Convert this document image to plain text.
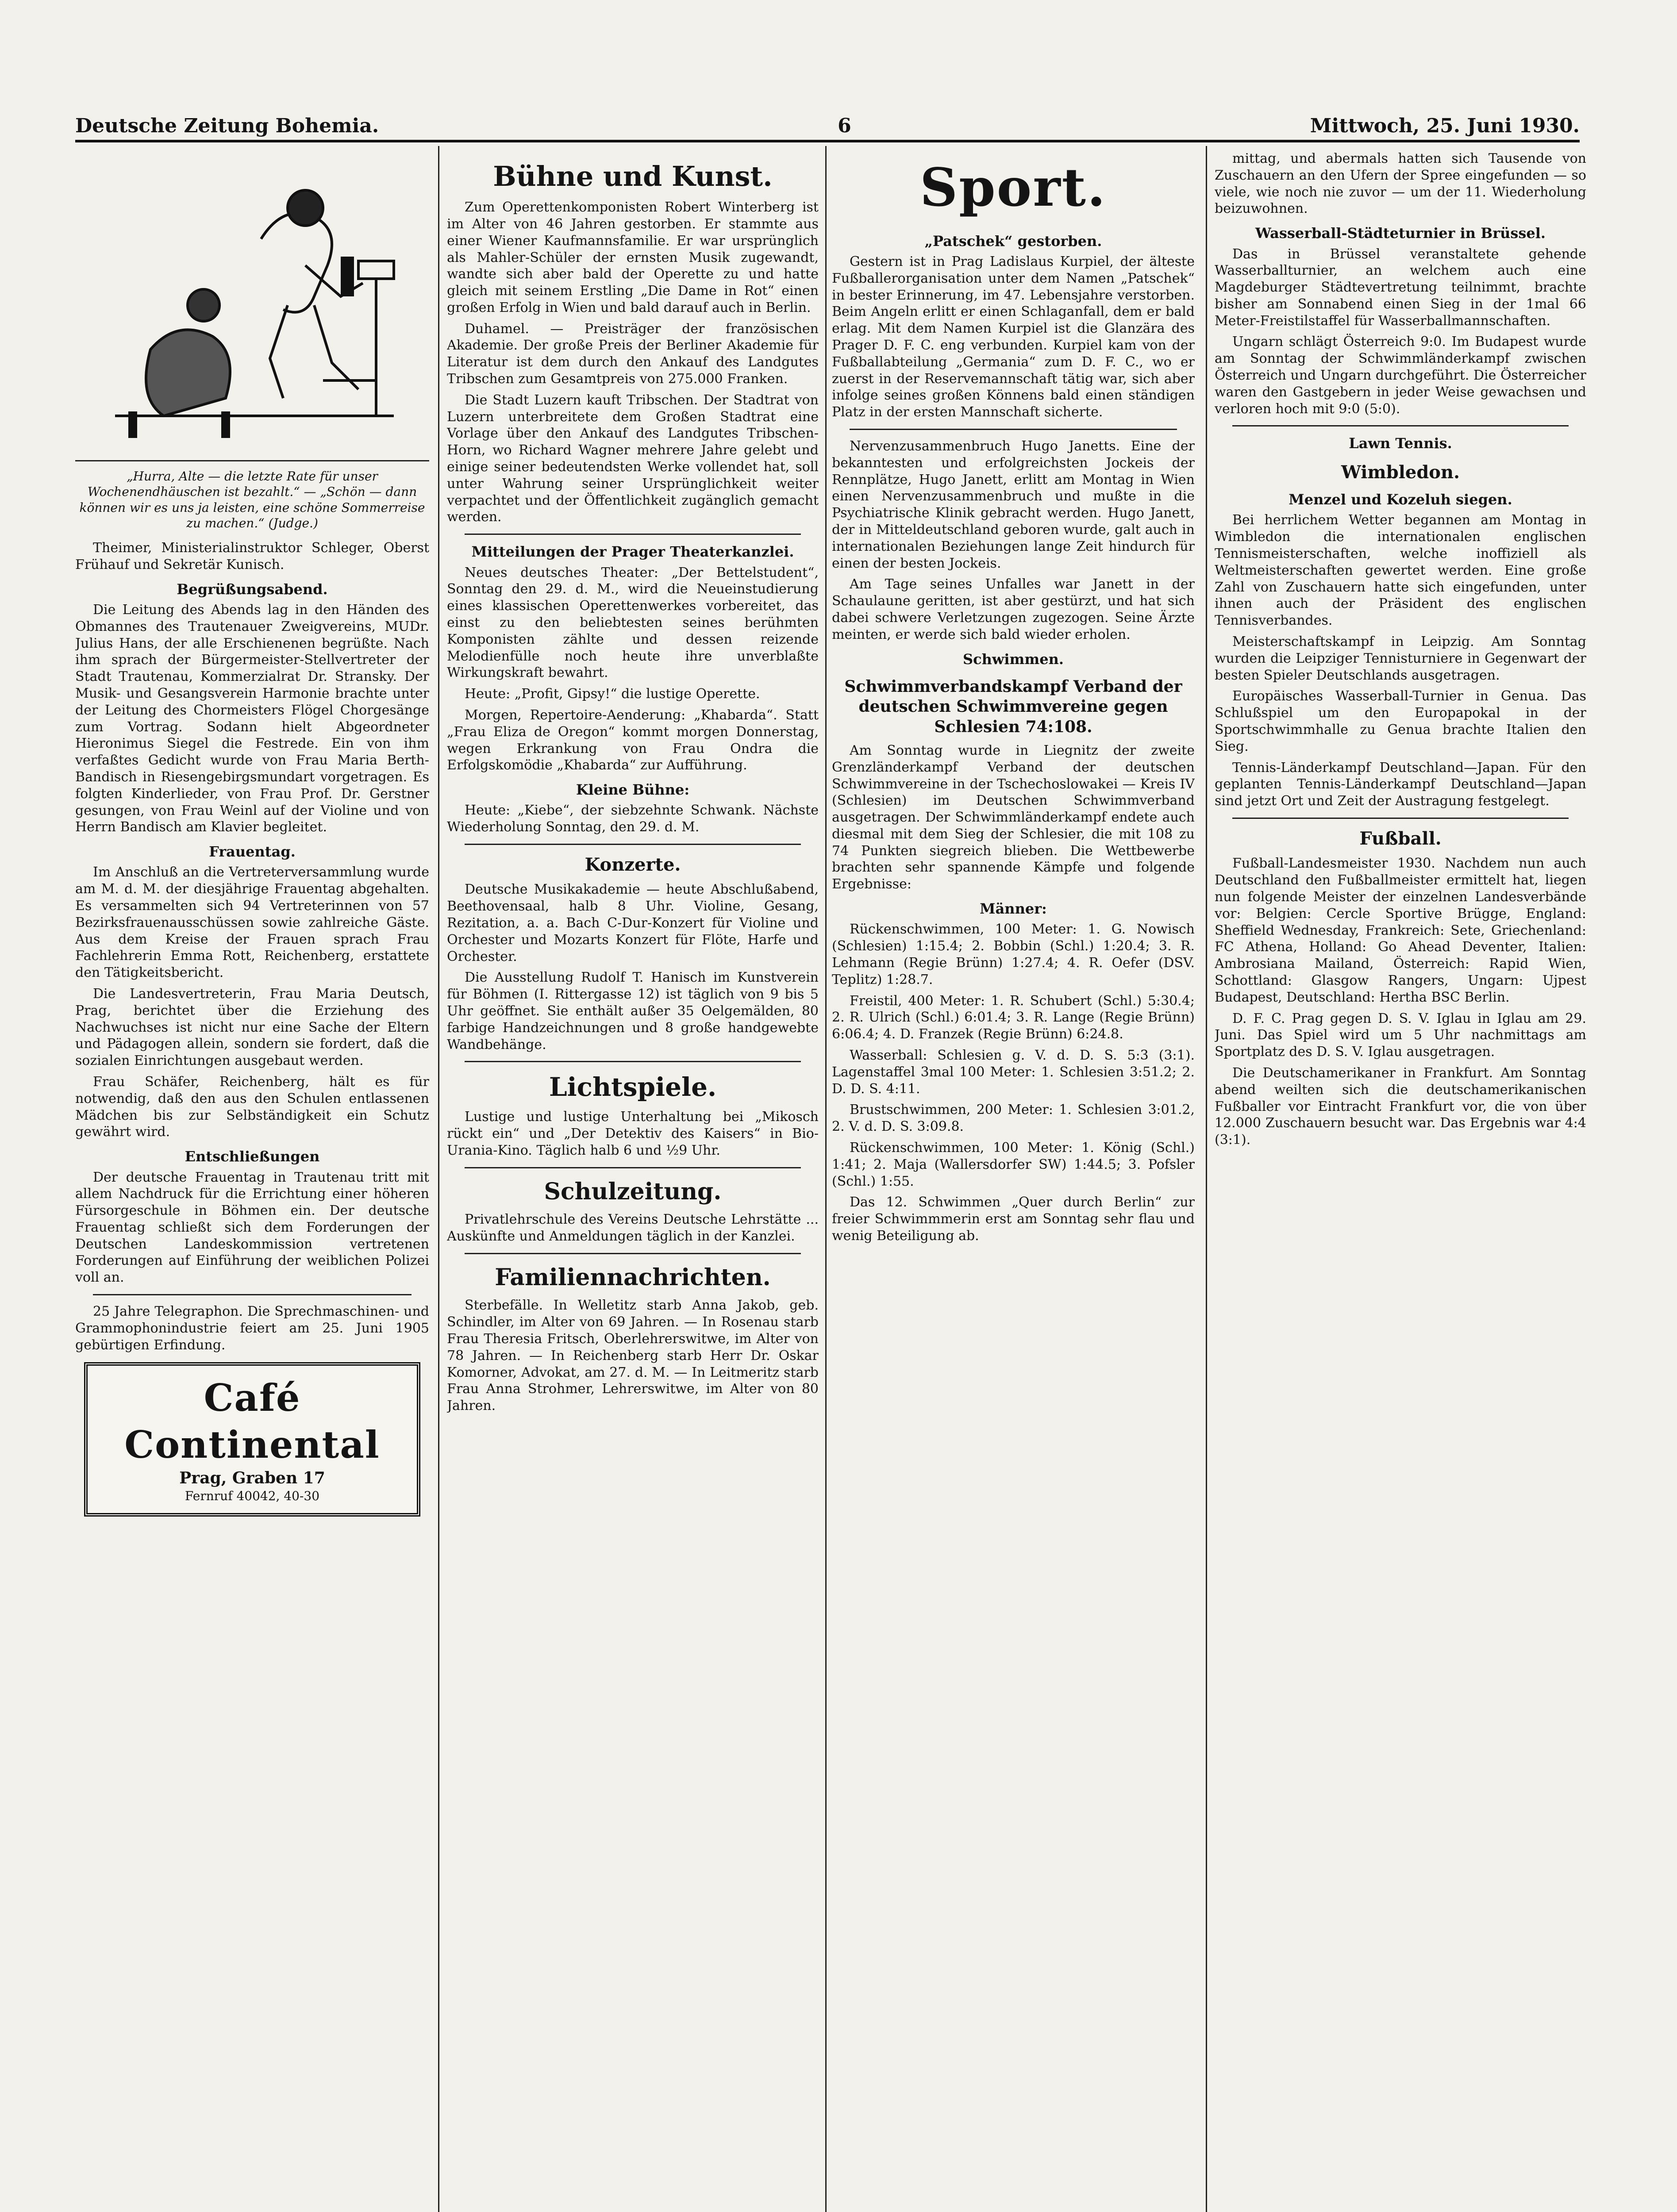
Deutsche Zeitung Bohemia.	6	Mittwoch, 25. Juni 1930.
„Hurra, Alte — die letzte Rate für unser Wochenendhäuschen ist bezahlt.“ — „Schön — dann können wir es uns ja leisten, eine schöne Sommerreise zu machen.“ (Judge.)

Theimer, Ministerialinstruktor Schleger, Oberst Frühauf und Sekretär Kunisch.

Begrüßungsabend.

Die Leitung des Abends lag in den Händen des Obmannes des Trautenauer Zweigvereins, MUDr. Julius Hans, der alle Erschienenen begrüßte. Nach ihm sprach der Bürgermeister-Stellvertreter der Stadt Trautenau, Kommerzialrat Dr. Stransky. Der Musik- und Gesangsverein Harmonie brachte unter der Leitung des Chormeisters Flögel Chorgesänge zum Vortrag. Sodann hielt Abgeordneter Hieronimus Siegel die Festrede. Ein von ihm verfaßtes Gedicht wurde von Frau Maria Berth-Bandisch in Riesengebirgsmundart vorgetragen. Es folgten Kinderlieder, von Frau Prof. Dr. Gerstner gesungen, von Frau Weinl auf der Violine und von Herrn Bandisch am Klavier begleitet.

Frauentag.

Im Anschluß an die Vertreterversammlung wurde am M. d. M. der diesjährige Frauentag abgehalten. Es versammelten sich 94 Vertreterinnen von 57 Bezirksfrauenausschüssen sowie zahlreiche Gäste. Aus dem Kreise der Frauen sprach Frau Fachlehrerin Emma Rott, Reichenberg, erstattete den Tätigkeitsbericht.

Die Landesvertreterin, Frau Maria Deutsch, Prag, berichtet über die Erziehung des Nachwuchses ist nicht nur eine Sache der Eltern und Pädagogen allein, sondern sie fordert, daß die sozialen Einrichtungen ausgebaut werden.

Frau Schäfer, Reichenberg, hält es für notwendig, daß den aus den Schulen entlassenen Mädchen bis zur Selbständigkeit ein Schutz gewährt wird.

Entschließungen

Der deutsche Frauentag in Trautenau tritt mit allem Nachdruck für die Errichtung einer höheren Fürsorgeschule in Böhmen ein. Der deutsche Frauentag schließt sich dem Forderungen der Deutschen Landeskommission vertretenen Forderungen auf Einführung der weiblichen Polizei voll an.

25 Jahre Telegraphon. Die Sprechmaschinen- und Grammophonindustrie feiert am 25. Juni 1905 gebürtigen Erfindung.

Café Continental
Prag, Graben 17
Fernruf 40042, 40-30
Bühne und Kunst.

Zum Operettenkomponisten Robert Winterberg ist im Alter von 46 Jahren gestorben. Er stammte aus einer Wiener Kaufmannsfamilie. Er war ursprünglich als Mahler-Schüler der ernsten Musik zugewandt, wandte sich aber bald der Operette zu und hatte gleich mit seinem Erstling „Die Dame in Rot“ einen großen Erfolg in Wien und bald darauf auch in Berlin.

Duhamel. — Preisträger der französischen Akademie. Der große Preis der Berliner Akademie für Literatur ist dem durch den Ankauf des Landgutes Tribschen zum Gesamtpreis von 275.000 Franken.

Die Stadt Luzern kauft Tribschen. Der Stadtrat von Luzern unterbreitete dem Großen Stadtrat eine Vorlage über den Ankauf des Landgutes Tribschen-Horn, wo Richard Wagner mehrere Jahre gelebt und einige seiner bedeutendsten Werke vollendet hat, soll unter Wahrung seiner Ursprünglichkeit weiter verpachtet und der Öffentlichkeit zugänglich gemacht werden.

Mitteilungen der Prager Theaterkanzlei.

Neues deutsches Theater: „Der Bettelstudent“, Sonntag den 29. d. M., wird die Neueinstudierung eines klassischen Operettenwerkes vorbereitet, das einst zu den beliebtesten seines berühmten Komponisten zählte und dessen reizende Melodienfülle noch heute ihre unverblaßte Wirkungskraft bewahrt.

Heute: „Profit, Gipsy!“ die lustige Operette.

Morgen, Repertoire-Aenderung: „Khabarda“. Statt „Frau Eliza de Oregon“ kommt morgen Donnerstag, wegen Erkrankung von Frau Ondra die Erfolgskomödie „Khabarda“ zur Aufführung.

Kleine Bühne:

Heute: „Kiebe“, der siebzehnte Schwank. Nächste Wiederholung Sonntag, den 29. d. M.

Konzerte.

Deutsche Musikakademie — heute Abschlußabend, Beethovensaal, halb 8 Uhr. Violine, Gesang, Rezitation, a. a. Bach C-Dur-Konzert für Violine und Orchester und Mozarts Konzert für Flöte, Harfe und Orchester.

Die Ausstellung Rudolf T. Hanisch im Kunstverein für Böhmen (I. Rittergasse 12) ist täglich von 9 bis 5 Uhr geöffnet. Sie enthält außer 35 Oelgemälden, 80 farbige Handzeichnungen und 8 große handgewebte Wandbehänge.

Lichtspiele.

Lustige und lustige Unterhaltung bei „Mikosch rückt ein“ und „Der Detektiv des Kaisers“ in Bio-Urania-Kino. Täglich halb 6 und ½9 Uhr.

Schulzeitung.

Privatlehrschule des Vereins Deutsche Lehrstätte ... Auskünfte und Anmeldungen täglich in der Kanzlei.

Familiennachrichten.

Sterbefälle. In Welletitz starb Anna Jakob, geb. Schindler, im Alter von 69 Jahren. — In Rosenau starb Frau Theresia Fritsch, Oberlehrerswitwe, im Alter von 78 Jahren. — In Reichenberg starb Herr Dr. Oskar Komorner, Advokat, am 27. d. M. — In Leitmeritz starb Frau Anna Strohmer, Lehrerswitwe, im Alter von 80 Jahren.

Sport.
„Patschek“ gestorben.

Gestern ist in Prag Ladislaus Kurpiel, der älteste Fußballerorganisation unter dem Namen „Patschek“ in bester Erinnerung, im 47. Lebensjahre verstorben. Beim Angeln erlitt er einen Schlaganfall, dem er bald erlag. Mit dem Namen Kurpiel ist die Glanzära des Prager D. F. C. eng verbunden. Kurpiel kam von der Fußballabteilung „Germania“ zum D. F. C., wo er zuerst in der Reservemannschaft tätig war, sich aber infolge seines großen Könnens bald einen ständigen Platz in der ersten Mannschaft sicherte.

Nervenzusammenbruch Hugo Janetts. Eine der bekanntesten und erfolgreichsten Jockeis der Rennplätze, Hugo Janett, erlitt am Montag in Wien einen Nervenzusammenbruch und mußte in die Psychiatrische Klinik gebracht werden. Hugo Janett, der in Mitteldeutschland geboren wurde, galt auch in internationalen Beziehungen lange Zeit hindurch für einen der besten Jockeis.

Am Tage seines Unfalles war Janett in der Schaulaune geritten, ist aber gestürzt, und hat sich dabei schwere Verletzungen zugezogen. Seine Ärzte meinten, er werde sich bald wieder erholen.

Schwimmen.
Schwimmverbandskampf Verband der deutschen Schwimmvereine gegen Schlesien 74:108.

Am Sonntag wurde in Liegnitz der zweite Grenzländerkampf Verband der deutschen Schwimmvereine in der Tschechoslowakei — Kreis IV (Schlesien) im Deutschen Schwimmverband ausgetragen. Der Schwimmländerkampf endete auch diesmal mit dem Sieg der Schlesier, die mit 108 zu 74 Punkten siegreich blieben. Die Wettbewerbe brachten sehr spannende Kämpfe und folgende Ergebnisse:

Männer:

Rückenschwimmen, 100 Meter: 1. G. Nowisch (Schlesien) 1:15.4; 2. Bobbin (Schl.) 1:20.4; 3. R. Lehmann (Regie Brünn) 1:27.4; 4. R. Oefer (DSV. Teplitz) 1:28.7.

Freistil, 400 Meter: 1. R. Schubert (Schl.) 5:30.4; 2. R. Ulrich (Schl.) 6:01.4; 3. R. Lange (Regie Brünn) 6:06.4; 4. D. Franzek (Regie Brünn) 6:24.8.

Wasserball: Schlesien g. V. d. D. S. 5:3 (3:1). Lagenstaffel 3mal 100 Meter: 1. Schlesien 3:51.2; 2. D. D. S. 4:11.

Brustschwimmen, 200 Meter: 1. Schlesien 3:01.2, 2. V. d. D. S. 3:09.8.

Rückenschwimmen, 100 Meter: 1. König (Schl.) 1:41; 2. Maja (Wallersdorfer SW) 1:44.5; 3. Pofsler (Schl.) 1:55.

Das 12. Schwimmen „Quer durch Berlin“ zur freier Schwimmmerin erst am Sonntag sehr flau und wenig Beteiligung ab.

mittag, und abermals hatten sich Tausende von Zuschauern an den Ufern der Spree eingefunden — so viele, wie noch nie zuvor — um der 11. Wiederholung beizuwohnen.

Wasserball-Städteturnier in Brüssel.

Das in Brüssel veranstaltete gehende Wasserballturnier, an welchem auch eine Magdeburger Städtevertretung teilnimmt, brachte bisher am Sonnabend einen Sieg in der 1mal 66 Meter-Freistilstaffel für Wasserballmannschaften.

Ungarn schlägt Österreich 9:0. Im Budapest wurde am Sonntag der Schwimmländerkampf zwischen Österreich und Ungarn durchgeführt. Die Österreicher waren den Gastgebern in jeder Weise gewachsen und verloren hoch mit 9:0 (5:0).

Lawn Tennis.
Wimbledon.
Menzel und Kozeluh siegen.

Bei herrlichem Wetter begannen am Montag in Wimbledon die internationalen englischen Tennismeisterschaften, welche inoffiziell als Weltmeisterschaften gewertet werden. Eine große Zahl von Zuschauern hatte sich eingefunden, unter ihnen auch der Präsident des englischen Tennisverbandes.

Meisterschaftskampf in Leipzig. Am Sonntag wurden die Leipziger Tennisturniere in Gegenwart der besten Spieler Deutschlands ausgetragen.

Europäisches Wasserball-Turnier in Genua. Das Schlußspiel um den Europapokal in der Sportschwimmhalle zu Genua brachte Italien den Sieg.

Tennis-Länderkampf Deutschland—Japan. Für den geplanten Tennis-Länderkampf Deutschland—Japan sind jetzt Ort und Zeit der Austragung festgelegt.

Fußball.

Fußball-Landesmeister 1930. Nachdem nun auch Deutschland den Fußballmeister ermittelt hat, liegen nun folgende Meister der einzelnen Landesverbände vor: Belgien: Cercle Sportive Brügge, England: Sheffield Wednesday, Frankreich: Sete, Griechenland: FC Athena, Holland: Go Ahead Deventer, Italien: Ambrosiana Mailand, Österreich: Rapid Wien, Schottland: Glasgow Rangers, Ungarn: Ujpest Budapest, Deutschland: Hertha BSC Berlin.

D. F. C. Prag gegen D. S. V. Iglau in Iglau am 29. Juni. Das Spiel wird um 5 Uhr nachmittags am Sportplatz des D. S. V. Iglau ausgetragen.

Die Deutschamerikaner in Frankfurt. Am Sonntag abend weilten sich die deutschamerikanischen Fußballer vor Eintracht Frankfurt vor, die von über 12.000 Zuschauern besucht war. Das Ergebnis war 4:4 (3:1).
